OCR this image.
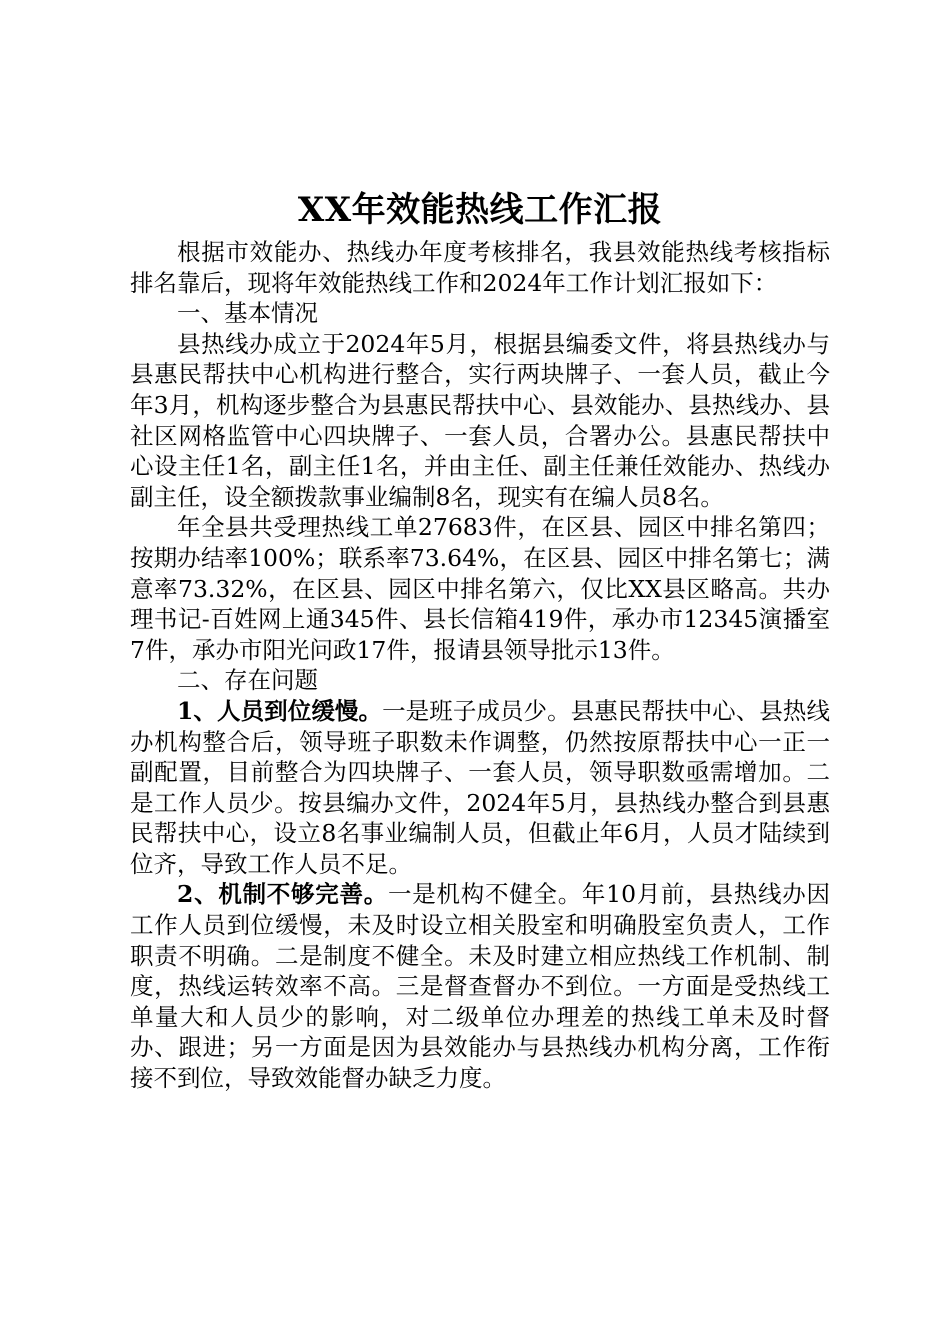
XX年效能热线工作汇报

根据市效能办、热线办年度考核排名，我县效能热线考核指标排名靠后，现将年效能热线工作和2024年工作计划汇报如下：

一、基本情况

县热线办成立于2024年5月，根据县编委文件，将县热线办与县惠民帮扶中心机构进行整合，实行两块牌子、一套人员，截止今年3月，机构逐步整合为县惠民帮扶中心、县效能办、县热线办、县社区网格监管中心四块牌子、一套人员，合署办公。县惠民帮扶中心设主任1名，副主任1名，并由主任、副主任兼任效能办、热线办副主任，设全额拨款事业编制8名，现实有在编人员8名。

年全县共受理热线工单27683件，在区县、园区中排名第四；按期办结率100%；联系率73.64%，在区县、园区中排名第七；满意率73.32%，在区县、园区中排名第六，仅比XX县区略高。共办理书记-百姓网上通345件、县长信箱419件，承办市12345演播室7件，承办市阳光问政17件，报请县领导批示13件。

二、存在问题

1、人员到位缓慢。一是班子成员少。县惠民帮扶中心、县热线办机构整合后，领导班子职数未作调整，仍然按原帮扶中心一正一副配置，目前整合为四块牌子、一套人员，领导职数亟需增加。二是工作人员少。按县编办文件，2024年5月，县热线办整合到县惠民帮扶中心，设立8名事业编制人员，但截止年6月，人员才陆续到位齐，导致工作人员不足。

2、机制不够完善。一是机构不健全。年10月前，县热线办因工作人员到位缓慢，未及时设立相关股室和明确股室负责人，工作职责不明确。二是制度不健全。未及时建立相应热线工作机制、制度，热线运转效率不高。三是督查督办不到位。一方面是受热线工单量大和人员少的影响，对二级单位办理差的热线工单未及时督办、跟进；另一方面是因为县效能办与县热线办机构分离，工作衔接不到位，导致效能督办缺乏力度。
